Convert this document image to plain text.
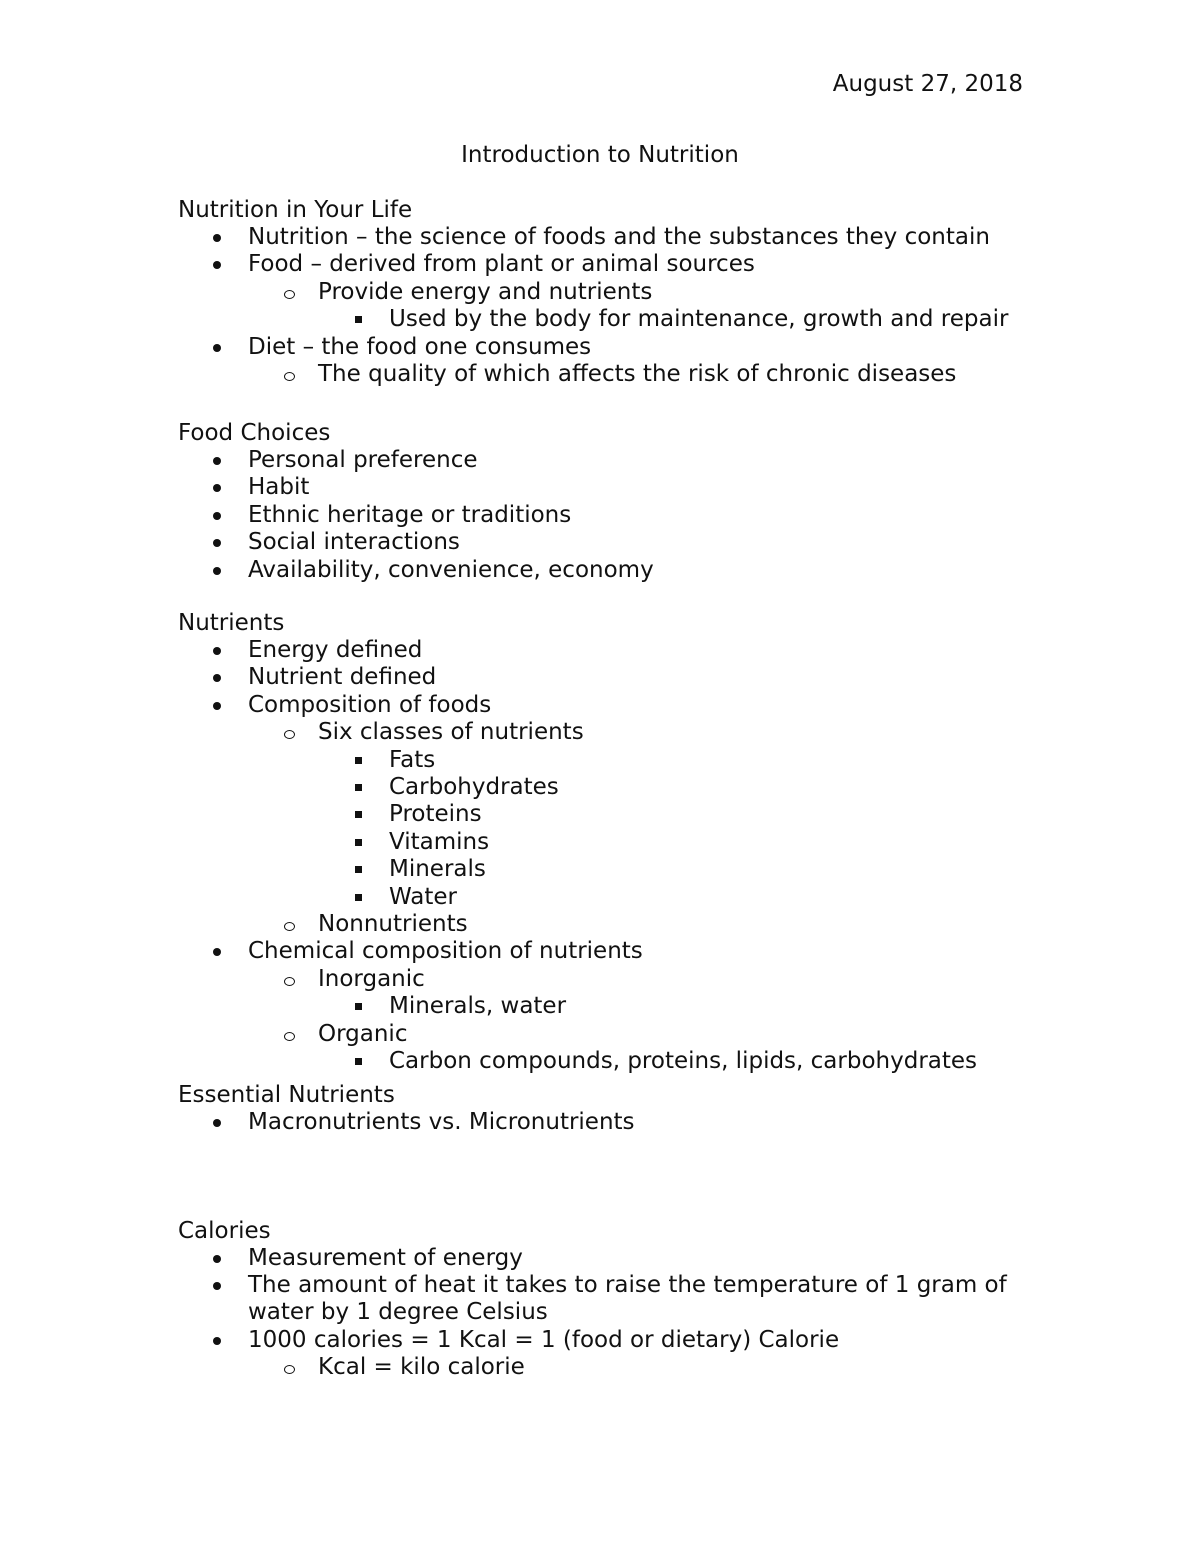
August 27, 2018

Introduction to Nutrition
Nutrition in Your Life
Nutrition – the science of foods and the substances they contain
Food – derived from plant or animal sources
Provide energy and nutrients
Used by the body for maintenance, growth and repair
Diet – the food one consumes
The quality of which affects the risk of chronic diseases
Food Choices
Personal preference
Habit
Ethnic heritage or traditions
Social interactions
Availability, convenience, economy
Nutrients
Energy defined
Nutrient defined
Composition of foods
Six classes of nutrients
Fats
Carbohydrates
Proteins
Vitamins
Minerals
Water
Nonnutrients
Chemical composition of nutrients
Inorganic
Minerals, water
Organic
Carbon compounds, proteins, lipids, carbohydrates
Essential Nutrients
Macronutrients vs. Micronutrients
Calories
Measurement of energy
The amount of heat it takes to raise the temperature of 1 gram of water by 1 degree Celsius
1000 calories = 1 Kcal = 1 (food or dietary) Calorie
Kcal = kilo calorie
